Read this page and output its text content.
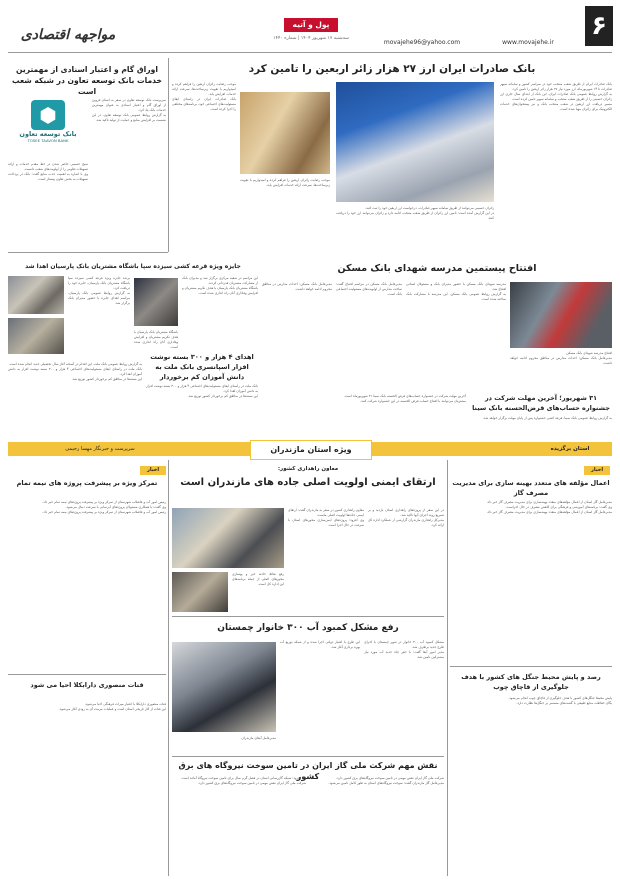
۶
www.movajehe.ir
movajehe96@yahoo.com
پول و آتیه
سه‌شنبه ۱۷ شهریور ۱۴۰۴ | شماره ۱۴۴۰
مواجهه اقتصادی
بانک صادرات ایران ارز ۲۷ هزار زائر اربعین را تامین کرد
بانک صادرات ایران از طریق شعب منتخب خود در سراسر کشور و سامانه سپهر صادرات تا ۱۴ شهریورماه، ارز مورد نیاز ۲۷ هزار زائر اربعین را تامین کرد.
به گزارش روابط عمومی بانک صادرات ایران، این بانک از ابتدای سال جاری ارز زائران حسینی را از طریق شعب منتخب و سامانه سپهر تامین کرده است.
مسیر دریافت ارز اربعین در شعب منتخب بانک و نیز پیشخوان‌های خدمات الکترونیک برای زائران مهیا شده است.
زائران حسینی می‌توانند از طریق سامانه سپهر صادرات، درخواست ارز اربعین خود را ثبت کنند.
در این گزارش آمده است: تامین ارز زائران از طریق شعب منتخب ادامه دارد و زائران می‌توانند ارز خود را دریافت کنند.
موجب رضایت زائران اربعین را فراهم کرده و امیدواریم با تقویت زیرساخت‌ها، سرعت ارائه خدمات افزایش یابد.
بانک صادرات ایران در راستای ایفای مسئولیت‌های اجتماعی خود، برنامه‌های مختلفی را اجرا کرده است.
موجب رضایت زائران اربعین را فراهم کرده و امیدواریم با تقویت زیرساخت‌ها، سرعت ارائه خدمات افزایش یابد.
اوراق گام و اعتبار اسنادی از مهمترین خدمات بانک توسعه تعاون در شبکه شعب است
⬢
بانک توسعه تعاون
TOSEE TAAVON BANK
سرپرست بانک توسعه تعاون در سفر به استان قزوین از اوراق گام و اعتبار اسنادی به عنوان مهمترین خدمات بانک یاد کرد.
به گزارش روابط عمومی بانک توسعه تعاون، در این نشست بر افزایش منابع و حمایت از تولید تاکید شد.
شیخ حسینی حاضر شدن در خط مقدم خدمات و ارائه تسهیلات تعاونی را از اولویت‌های شعب دانست.
وی با اشاره به اهمیت جذب منابع گفت: بانک در پرداخت تسهیلات به بخش تعاون پیشتاز است.
افتتاح پیستمین مدرسه شهدای بانک مسکن
افتتاح مدرسه شهدای بانک مسکن
مدیرعامل بانک مسکن: احداث مدارس در مناطق محروم ادامه خواهد داشت.
مدرسه شهدای بانک مسکن با حضور مدیران بانک و مسئولان استانی افتتاح شد.
به گزارش روابط عمومی بانک مسکن، این مدرسه با مشارکت بانک ساخته شده است.
مدیرعامل بانک مسکن در مراسم افتتاح گفت: ساخت مدارس از اولویت‌های مسئولیت اجتماعی بانک است.
مدیرعامل بانک مسکن: احداث مدارس در مناطق محروم ادامه خواهد داشت.
جایزه ویژه قرعه کشی سیزده سپا باشگاه مشتریان بانک پارسیان اهدا شد
برنده جایزه ویژه قرعه کشی سیزده سپا باشگاه مشتریان بانک پارسیان، جایزه خود را دریافت کرد.
به گزارش روابط عمومی بانک پارسیان، مراسم اهدای جایزه با حضور مدیران بانک برگزار شد.
این مراسم در شعبه مرکزی برگزار شد و مدیران بانک از مشارکت مشتریان قدردانی کردند.
باشگاه مشتریان بانک پارسیان با هدف تکریم مشتریان و افزایش وفاداری آنان راه اندازی شده است.
باشگاه مشتریان بانک پارسیان با هدف تکریم مشتریان و افزایش وفاداری آنان راه اندازی شده است.
اهدای ۴ هزار و ۳۰۰ بسته نوشت افزار اسپانسری بانک ملت به دانش آموزان کم برخوردار
بانک ملت در راستای ایفای مسئولیت‌های اجتماعی ۴ هزار و ۳۰۰ بسته نوشت افزار به دانش آموزان اهدا کرد.
این بسته‌ها در مناطق کم برخوردار کشور توزیع شد.
به گزارش روابط عمومی بانک ملت، این اقدام در آستانه آغاز سال تحصیلی جدید انجام شده است.
بانک ملت در راستای ایفای مسئولیت‌های اجتماعی ۴ هزار و ۳۰۰ بسته نوشت افزار به دانش آموزان اهدا کرد.
این بسته‌ها در مناطق کم برخوردار کشور توزیع شد.
۳۱ شهریور؛ آخرین مهلت شرکت در جشنواره حساب‌های قرض‌الحسنه بانک سینا
آخرین مهلت شرکت در جشنواره حساب‌های قرض الحسنه بانک سینا ۳۱ شهریورماه است.
مشتریان می‌توانند با افتتاح حساب قرض الحسنه در این جشنواره شرکت کنند.
به گزارش روابط عمومی بانک سینا، قرعه کشی جشنواره پس از پایان مهلت برگزار خواهد شد.
استان برگزیده
ویژه استان مازندران
سرپرست و خبرنگار مهسا رحیمی
معاون راهداری کشور:
ارتقای ایمنی اولویت اصلی جاده های مازندران است
معاون راهداری کشور در سفر به مازندران گفت: ارتقای ایمنی جاده‌ها اولویت اصلی ماست.
وی افزود: پروژه‌های ایمن‌سازی محورهای استان با سرعت در حال اجرا است.
در این سفر از پروژه‌های راهداری استان بازدید و بر تسریع روند اجرای آنها تاکید شد.
مدیرکل راهداری مازندران گزارشی از عملکرد اداره کل ارائه کرد.
رفع نقاط حادثه خیز و بهسازی محورهای اصلی از جمله برنامه‌های این اداره کل است.
رفع مشکل کمبود آب ۳۰۰ خانوار چمستان
مشکل کمبود آب ۳۰۰ خانوار در شهر چمستان با اجرای طرح جدید برطرف شد.
مدیر امور آبفا گفت: با حفر چاه جدید آب مورد نیاز مشترکین تامین شد.
این طرح با اعتبار دولتی اجرا شده و از شبکه توزیع آب بهره برداری آغاز شد.
مدیرعامل آبفای مازندران
نقش مهم شرکت ملی گاز ایران در تامین سوخت نیروگاه های برق کشور	شرکت ملی گاز ایران نقش مهمی در تامین سوخت نیروگاه‌های برق کشور دارد.
مدیرعامل گاز مازندران گفت: سوخت نیروگاه‌های استان به طور کامل تامین می‌شود.
وی افزود: شبکه گازرسانی استان در فصل گرم سال برای تامین سوخت نیروگاه آماده است.
شرکت ملی گاز ایران نقش مهمی در تامین سوخت نیروگاه‌های برق کشور دارد.
اخبار
تمرکز ویژه بر پیشرفت پروژه های نیمه تمام
رئیس امور آب و فاضلاب شهرستان از تمرکز ویژه بر پیشرفت پروژه‌های نیمه تمام خبر داد.
وی گفت: با همکاری مسئولان پروژه‌های آبرسانی با سرعت دنبال می‌شود.
رئیس امور آب و فاضلاب شهرستان از تمرکز ویژه بر پیشرفت پروژه‌های نیمه تمام خبر داد.
قنات منصوری دارابکلا احیا می شود
قنات منصوری دارابکلا با اعتبار میراث فرهنگی احیا می‌شود.
این قنات از آثار تاریخی استان است و عملیات مرمت آن به زودی آغاز می‌شود.
اخبار
اعمال مؤلفه های متعدد بهینه سازی برای مدیریت مصرف گاز
مدیرعامل گاز استان از اعمال مؤلفه‌های متعدد بهینه‌سازی برای مدیریت مصرف گاز خبر داد.
وی گفت: برنامه‌های آموزشی و فرهنگی برای کاهش مصرف در حال اجراست.
مدیرعامل گاز استان از اعمال مؤلفه‌های متعدد بهینه‌سازی برای مدیریت مصرف گاز خبر داد.
رصد و پایش محیط جنگل های کشور با هدف جلوگیری از قاچاق چوب
پایش محیط جنگل‌های کشور با هدف جلوگیری از قاچاق چوب انجام می‌شود.
یگان حفاظت منابع طبیعی با گشت‌های مستمر بر جنگل‌ها نظارت دارد.
